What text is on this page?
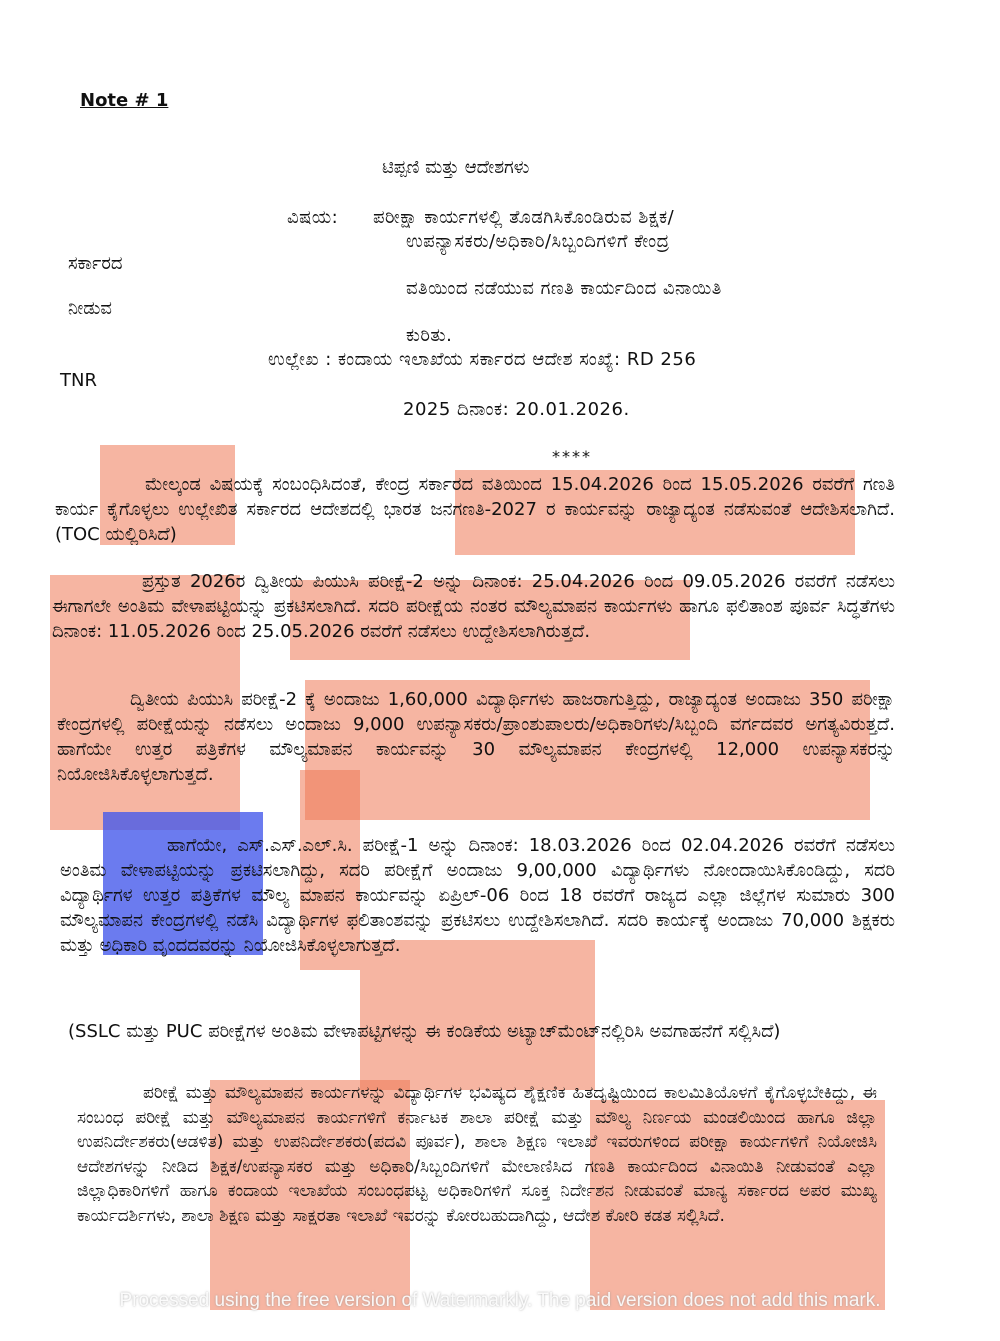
Note # 1
ಟಿಪ್ಪಣಿ ಮತ್ತು ಆದೇಶಗಳು
ವಿಷಯ: ಪರೀಕ್ಷಾ ಕಾರ್ಯಗಳಲ್ಲಿ ತೊಡಗಿಸಿಕೊಂಡಿರುವ ಶಿಕ್ಷಕ/
ಉಪನ್ಯಾಸಕರು/ಅಧಿಕಾರಿ/ಸಿಬ್ಬಂದಿಗಳಿಗೆ ಕೇಂದ್ರ
ಸರ್ಕಾರದ
ವತಿಯಿಂದ ನಡೆಯುವ ಗಣತಿ ಕಾರ್ಯದಿಂದ ವಿನಾಯಿತಿ
ನೀಡುವ
ಕುರಿತು.
ಉಲ್ಲೇಖ : ಕಂದಾಯ ಇಲಾಖೆಯ ಸರ್ಕಾರದ ಆದೇಶ ಸಂಖ್ಯೆ: RD 256
TNR
2025 ದಿನಾಂಕ: 20.01.2026.
****

ಮೇಲ್ಕಂಡ ವಿಷಯಕ್ಕೆ ಸಂಬಂಧಿಸಿದಂತೆ, ಕೇಂದ್ರ ಸರ್ಕಾರದ ವತಿಯಿಂದ 15.04.2026 ರಿಂದ 15.05.2026 ರವರೆಗೆ ಗಣತಿ ಕಾರ್ಯ ಕೈಗೊಳ್ಳಲು ಉಲ್ಲೇಖಿತ ಸರ್ಕಾರದ ಆದೇಶದಲ್ಲಿ ಭಾರತ ಜನಗಣತಿ-2027 ರ ಕಾರ್ಯವನ್ನು ರಾಜ್ಯಾದ್ಯಂತ ನಡೆಸುವಂತೆ ಆದೇಶಿಸಲಾಗಿದೆ. (TOC ಯಲ್ಲಿರಿಸಿದೆ)

ಪ್ರಸ್ತುತ 2026ರ ದ್ವಿತೀಯ ಪಿಯುಸಿ ಪರೀಕ್ಷೆ-2 ಅನ್ನು ದಿನಾಂಕ: 25.04.2026 ರಿಂದ 09.05.2026 ರವರೆಗೆ ನಡೆಸಲು ಈಗಾಗಲೇ ಅಂತಿಮ ವೇಳಾಪಟ್ಟಿಯನ್ನು ಪ್ರಕಟಿಸಲಾಗಿದೆ. ಸದರಿ ಪರೀಕ್ಷೆಯ ನಂತರ ಮೌಲ್ಯಮಾಪನ ಕಾರ್ಯಗಳು ಹಾಗೂ ಫಲಿತಾಂಶ ಪೂರ್ವ ಸಿದ್ಧತೆಗಳು ದಿನಾಂಕ: 11.05.2026 ರಿಂದ 25.05.2026 ರವರೆಗೆ ನಡೆಸಲು ಉದ್ದೇಶಿಸಲಾಗಿರುತ್ತದೆ.

ದ್ವಿತೀಯ ಪಿಯುಸಿ ಪರೀಕ್ಷೆ-2 ಕ್ಕೆ ಅಂದಾಜು 1,60,000 ವಿದ್ಯಾರ್ಥಿಗಳು ಹಾಜರಾಗುತ್ತಿದ್ದು, ರಾಜ್ಯಾದ್ಯಂತ ಅಂದಾಜು 350 ಪರೀಕ್ಷಾ ಕೇಂದ್ರಗಳಲ್ಲಿ ಪರೀಕ್ಷೆಯನ್ನು ನಡೆಸಲು ಅಂದಾಜು 9,000 ಉಪನ್ಯಾಸಕರು/ಪ್ರಾಂಶುಪಾಲರು/ಅಧಿಕಾರಿಗಳು/ಸಿಬ್ಬಂದಿ ವರ್ಗದವರ ಅಗತ್ಯವಿರುತ್ತದೆ. ಹಾಗೆಯೇ ಉತ್ತರ ಪತ್ರಿಕೆಗಳ ಮೌಲ್ಯಮಾಪನ ಕಾರ್ಯವನ್ನು 30 ಮೌಲ್ಯಮಾಪನ ಕೇಂದ್ರಗಳಲ್ಲಿ 12,000 ಉಪನ್ಯಾಸಕರನ್ನು ನಿಯೋಜಿಸಿಕೊಳ್ಳಲಾಗುತ್ತದೆ.

ಹಾಗೆಯೇ, ಎಸ್.ಎಸ್.ಎಲ್.ಸಿ. ಪರೀಕ್ಷೆ-1 ಅನ್ನು ದಿನಾಂಕ: 18.03.2026 ರಿಂದ 02.04.2026 ರವರೆಗೆ ನಡೆಸಲು ಅಂತಿಮ ವೇಳಾಪಟ್ಟಿಯನ್ನು ಪ್ರಕಟಿಸಲಾಗಿದ್ದು, ಸದರಿ ಪರೀಕ್ಷೆಗೆ ಅಂದಾಜು 9,00,000 ವಿದ್ಯಾರ್ಥಿಗಳು ನೋಂದಾಯಿಸಿಕೊಂಡಿದ್ದು, ಸದರಿ ವಿದ್ಯಾರ್ಥಿಗಳ ಉತ್ತರ ಪತ್ರಿಕೆಗಳ ಮೌಲ್ಯ ಮಾಪನ ಕಾರ್ಯವನ್ನು ಏಪ್ರಿಲ್-06 ರಿಂದ 18 ರವರೆಗೆ ರಾಜ್ಯದ ಎಲ್ಲಾ ಜಿಲ್ಲೆಗಳ ಸುಮಾರು 300 ಮೌಲ್ಯಮಾಪನ ಕೇಂದ್ರಗಳಲ್ಲಿ ನಡೆಸಿ ವಿದ್ಯಾರ್ಥಿಗಳ ಫಲಿತಾಂಶವನ್ನು ಪ್ರಕಟಿಸಲು ಉದ್ದೇಶಿಸಲಾಗಿದೆ. ಸದರಿ ಕಾರ್ಯಕ್ಕೆ ಅಂದಾಜು 70,000 ಶಿಕ್ಷಕರು ಮತ್ತು ಅಧಿಕಾರಿ ವೃಂದದವರನ್ನು ನಿಯೋಜಿಸಿಕೊಳ್ಳಲಾಗುತ್ತದೆ.

(SSLC ಮತ್ತು PUC ಪರೀಕ್ಷೆಗಳ ಅಂತಿಮ ವೇಳಾಪಟ್ಟಿಗಳನ್ನು ಈ ಕಂಡಿಕೆಯ ಅಟ್ಯಾಚ್‌ಮೆಂಟ್‌ನಲ್ಲಿರಿಸಿ ಅವಗಾಹನೆಗೆ ಸಲ್ಲಿಸಿದೆ)

ಪರೀಕ್ಷೆ ಮತ್ತು ಮೌಲ್ಯಮಾಪನ ಕಾರ್ಯಗಳನ್ನು ವಿದ್ಯಾರ್ಥಿಗಳ ಭವಿಷ್ಯದ ಶೈಕ್ಷಣಿಕ ಹಿತದೃಷ್ಟಿಯಿಂದ ಕಾಲಮಿತಿಯೊಳಗೆ ಕೈಗೊಳ್ಳಬೇಕಿದ್ದು, ಈ ಸಂಬಂಧ ಪರೀಕ್ಷೆ ಮತ್ತು ಮೌಲ್ಯಮಾಪನ ಕಾರ್ಯಗಳಿಗೆ ಕರ್ನಾಟಕ ಶಾಲಾ ಪರೀಕ್ಷೆ ಮತ್ತು ಮೌಲ್ಯ ನಿರ್ಣಯ ಮಂಡಲಿಯಿಂದ ಹಾಗೂ ಜಿಲ್ಲಾ ಉಪನಿರ್ದೇಶಕರು(ಆಡಳಿತ) ಮತ್ತು ಉಪನಿರ್ದೇಶಕರು(ಪದವಿ ಪೂರ್ವ), ಶಾಲಾ ಶಿಕ್ಷಣ ಇಲಾಖೆ ಇವರುಗಳಿಂದ ಪರೀಕ್ಷಾ ಕಾರ್ಯಗಳಿಗೆ ನಿಯೋಜಿಸಿ ಆದೇಶಗಳನ್ನು ನೀಡಿದ ಶಿಕ್ಷಕ/ಉಪನ್ಯಾಸಕರ ಮತ್ತು ಅಧಿಕಾರಿ/ಸಿಬ್ಬಂದಿಗಳಿಗೆ ಮೇಲಾಣಿಸಿದ ಗಣತಿ ಕಾರ್ಯದಿಂದ ವಿನಾಯಿತಿ ನೀಡುವಂತೆ ಎಲ್ಲಾ ಜಿಲ್ಲಾಧಿಕಾರಿಗಳಿಗೆ ಹಾಗೂ ಕಂದಾಯ ಇಲಾಖೆಯ ಸಂಬಂಧಪಟ್ಟ ಅಧಿಕಾರಿಗಳಿಗೆ ಸೂಕ್ತ ನಿರ್ದೇಶನ ನೀಡುವಂತೆ ಮಾನ್ಯ ಸರ್ಕಾರದ ಅಪರ ಮುಖ್ಯ ಕಾರ್ಯದರ್ಶಿಗಳು, ಶಾಲಾ ಶಿಕ್ಷಣ ಮತ್ತು ಸಾಕ್ಷರತಾ ಇಲಾಖೆ ಇವರನ್ನು ಕೋರಬಹುದಾಗಿದ್ದು, ಆದೇಶ ಕೋರಿ ಕಡತ ಸಲ್ಲಿಸಿದೆ.

Processed using the free version of Watermarkly. The paid version does not add this mark.
